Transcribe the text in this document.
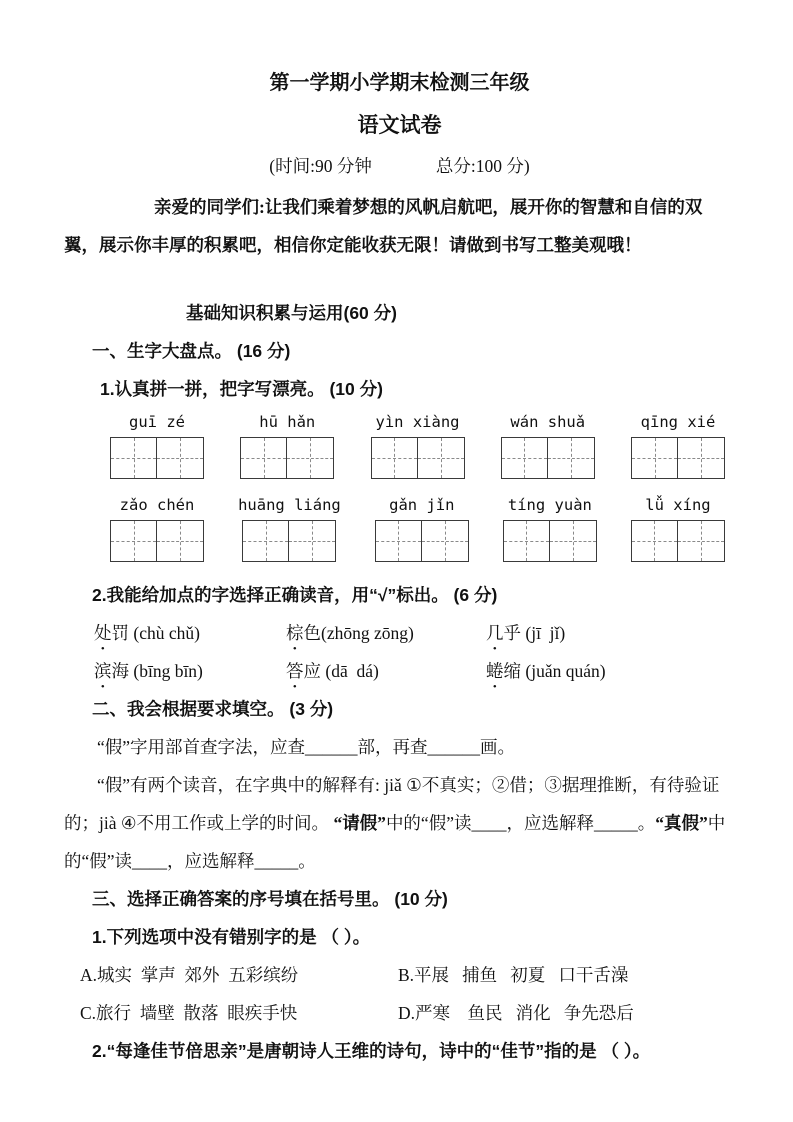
第一学期小学期末检测三年级
语文试卷
(时间:90 分钟	总分:100 分)

亲爱的同学们:让我们乘着梦想的风帆启航吧，展开你的智慧和自信的双翼，展示你丰厚的积累吧，相信你定能收获无限！请做到书写工整美观哦！

基础知识积累与运用(60 分)
一、生字大盘点。 (16 分)
1.认真拼一拼，把字写漂亮。 (10 分)
guī zé	hū hǎn	yìn xiàng	wán shuǎ	qīng xié
zǎo chén	huāng liáng	gǎn jǐn	tíng yuàn	lǚ xíng
2.我能给加点的字选择正确读音，用“√”标出。 (6 分)
处罚 (chù chǔ)	棕色(zhōng zōng)	几乎 (jī  jǐ)
滨海 (bīng bīn)	答应 (dā  dá)	蜷缩 (juǎn quán)
二、我会根据要求填空。 (3 分)

“假”字用部首查字法，应查______部，再查______画。

“假”有两个读音，在字典中的解释有: jiǎ ①不真实；②借；③据理推断，有待验证的；jià ④不用工作或上学的时间。 “请假”中的“假”读____，应选解释_____。“真假”中的“假”读____，应选解释_____。

三、选择正确答案的序号填在括号里。 (10 分)
1.下列选项中没有错别字的是 （ ）。
A.城实  掌声  郊外  五彩缤纷	B.平展   捕鱼   初夏   口干舌澡
C.旅行  墙壁  散落  眼疾手快	D.严寒    鱼民   消化   争先恐后
2.“每逢佳节倍思亲”是唐朝诗人王维的诗句，诗中的“佳节”指的是 （ ）。
